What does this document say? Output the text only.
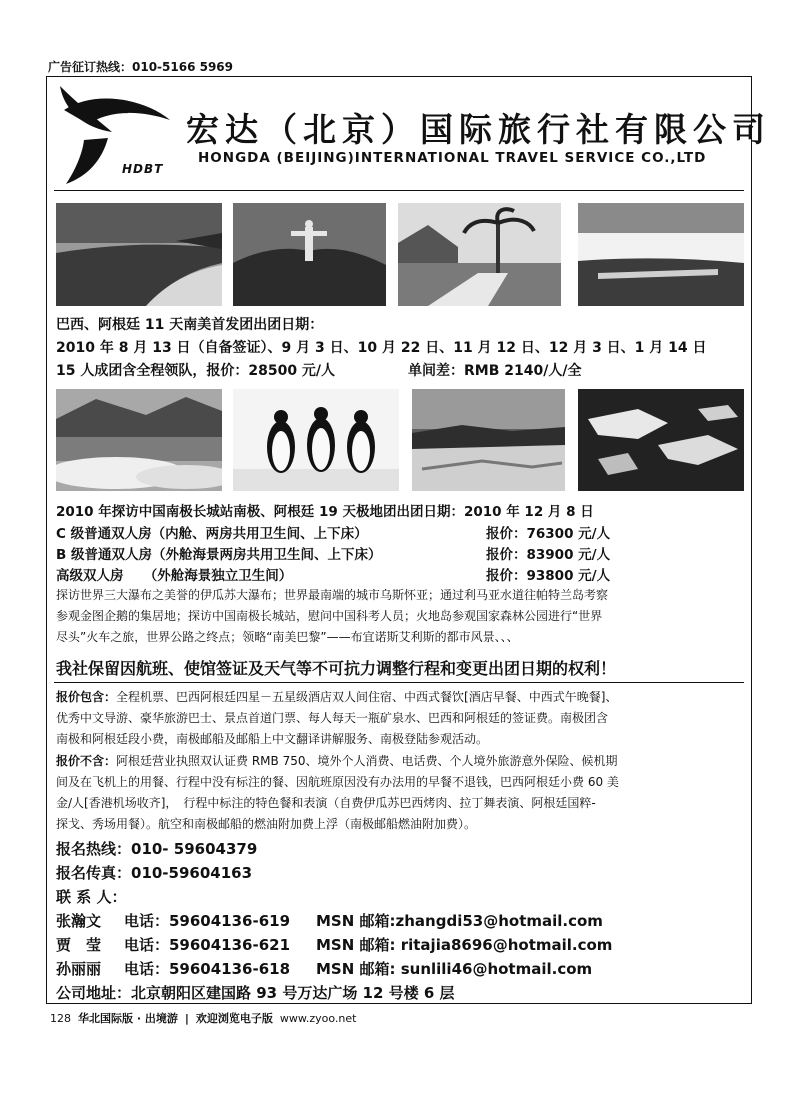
广告征订热线：010-5166 5969
HDBT
宏达（北京）国际旅行社有限公司
HONGDA (BEIJING)INTERNATIONAL TRAVEL SERVICE CO.,LTD
巴西、阿根廷 11 天南美首发团出团日期：
2010 年 8 月 13 日（自备签证）、9 月 3 日、10 月 22 日、11 月 12 日、12 月 3 日、1 月 14 日
15 人成团含全程领队，报价：28500 元/人	单间差：RMB 2140/人/全
2010 年探访中国南极长城站南极、阿根廷 19 天极地团出团日期：2010 年 12 月 8 日
C 级普通双人房（内舱、两房共用卫生间、上下床）	报价：76300 元/人
B 级普通双人房（外舱海景两房共用卫生间、上下床）	报价：83900 元/人
高级双人房　　（外舱海景独立卫生间）	报价：93800 元/人
探访世界三大瀑布之美誉的伊瓜苏大瀑布；世界最南端的城市乌斯怀亚；通过利马亚水道往帕特兰岛考察
参观金图企鹅的集居地；探访中国南极长城站，慰问中国科考人员；火地岛参观国家森林公园进行“世界
尽头”火车之旅，世界公路之终点；领略“南美巴黎”——布宜诺斯艾利斯的都市风景、、、
我社保留因航班、使馆签证及天气等不可抗力调整行程和变更出团日期的权利！
报价包含：全程机票、巴西阿根廷四星－五星级酒店双人间住宿、中西式餐饮[酒店早餐、中西式午晚餐]、
优秀中文导游、豪华旅游巴士、景点首道门票、每人每天一瓶矿泉水、巴西和阿根廷的签证费。南极团含
南极和阿根廷段小费，南极邮船及邮船上中文翻译讲解服务、南极登陆参观活动。
报价不含：阿根廷营业执照双认证费 RMB 750、境外个人消费、电话费、个人境外旅游意外保险、候机期
间及在飞机上的用餐、行程中没有标注的餐、因航班原因没有办法用的早餐不退钱，巴西阿根廷小费 60 美
金/人[香港机场收齐]，　行程中标注的特色餐和表演（自费伊瓜苏巴西烤肉、拉丁舞表演、阿根廷国粹-
探戈、秀场用餐）。航空和南极邮船的燃油附加费上浮（南极邮船燃油附加费）。
报名热线：010- 59604379
报名传真：010-59604163
联 系 人：
张瀚文 电话：59604136-619 MSN 邮箱:zhangdi53@hotmail.com
贾　莹 电话：59604136-621 MSN 邮箱: ritajia8696@hotmail.com
孙丽丽 电话：59604136-618 MSN 邮箱: sunlili46@hotmail.com
公司地址：北京朝阳区建国路 93 号万达广场 12 号楼 6 层
128 华北国际版 · 出境游 | 欢迎浏览电子版 www.zyoo.net
